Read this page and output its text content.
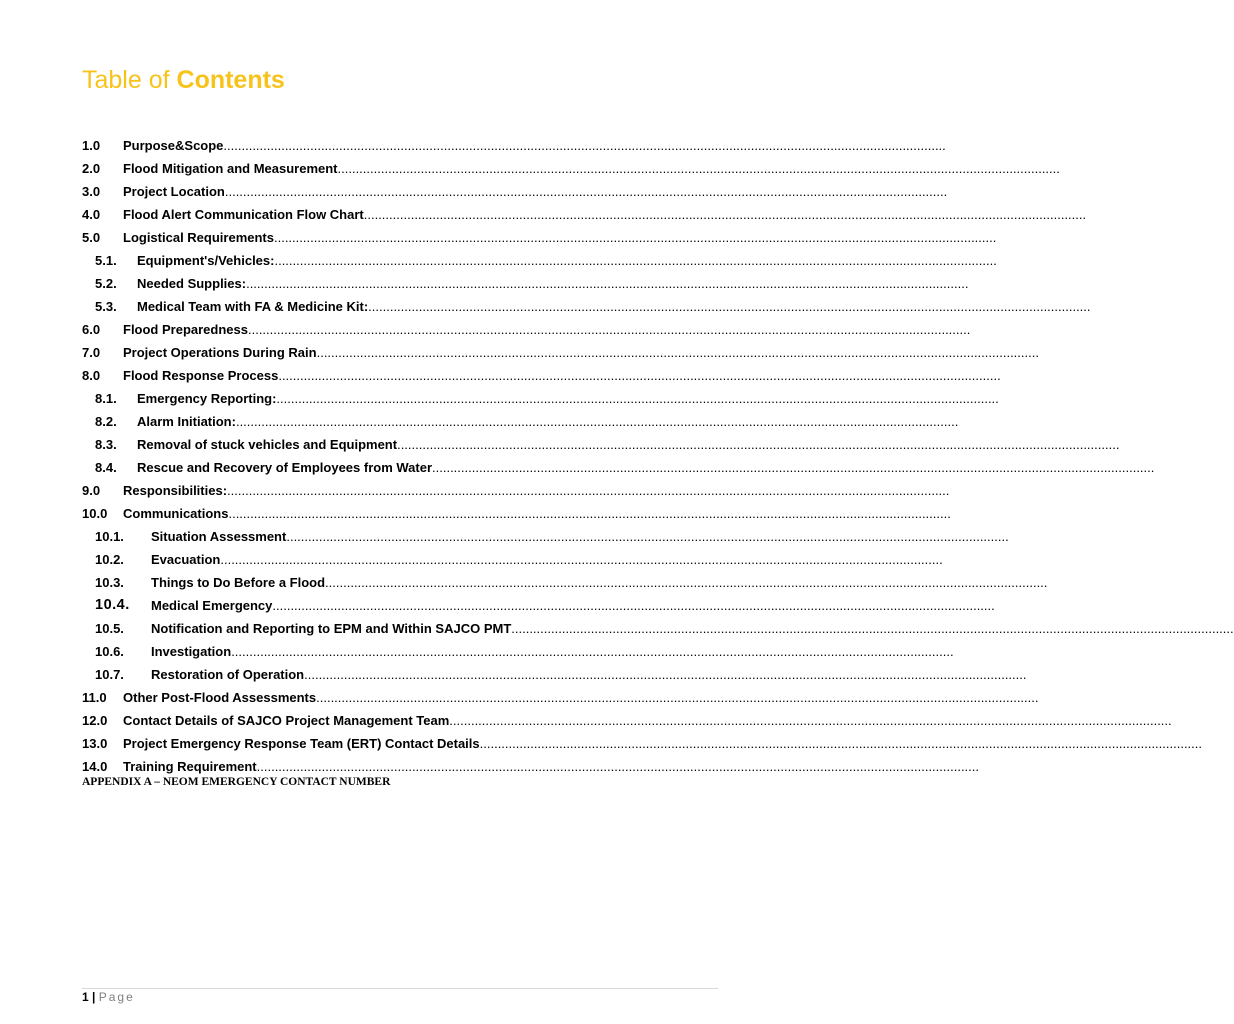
Table of Contents
1.0 Purpose&Scope ........................................................................................................................................................................................................
2.0 Flood Mitigation and Measurement ........................................................................................................................................................................................................
3.0 Project Location ........................................................................................................................................................................................................
4.0 Flood Alert Communication Flow Chart ........................................................................................................................................................................................................
5.0 Logistical Requirements ........................................................................................................................................................................................................
5.1. Equipment's/Vehicles: ........................................................................................................................................................................................................
5.2. Needed Supplies: ........................................................................................................................................................................................................
5.3. Medical Team with FA & Medicine Kit: ........................................................................................................................................................................................................
6.0 Flood Preparedness ........................................................................................................................................................................................................
7.0 Project Operations During Rain ........................................................................................................................................................................................................
8.0 Flood Response Process ........................................................................................................................................................................................................
8.1. Emergency Reporting: ........................................................................................................................................................................................................
8.2. Alarm Initiation: ........................................................................................................................................................................................................
8.3. Removal of stuck vehicles and Equipment ........................................................................................................................................................................................................
8.4. Rescue and Recovery of Employees from Water ........................................................................................................................................................................................................
9.0 Responsibilities: ........................................................................................................................................................................................................
10.0 Communications ........................................................................................................................................................................................................
10.1. Situation Assessment ........................................................................................................................................................................................................
10.2. Evacuation ........................................................................................................................................................................................................
10.3. Things to Do Before a Flood ........................................................................................................................................................................................................
10.4. Medical Emergency ........................................................................................................................................................................................................
10.5. Notification and Reporting to EPM and Within SAJCO PMT ........................................................................................................................................................................................................
10.6. Investigation ........................................................................................................................................................................................................
10.7. Restoration of Operation ........................................................................................................................................................................................................
11.0 Other Post-Flood Assessments ........................................................................................................................................................................................................
12.0 Contact Details of SAJCO Project Management Team ........................................................................................................................................................................................................
13.0 Project Emergency Response Team (ERT) Contact Details ........................................................................................................................................................................................................
14.0 Training Requirement ........................................................................................................................................................................................................
APPENDIX A – NEOM EMERGENCY CONTACT NUMBER
1 | Page
